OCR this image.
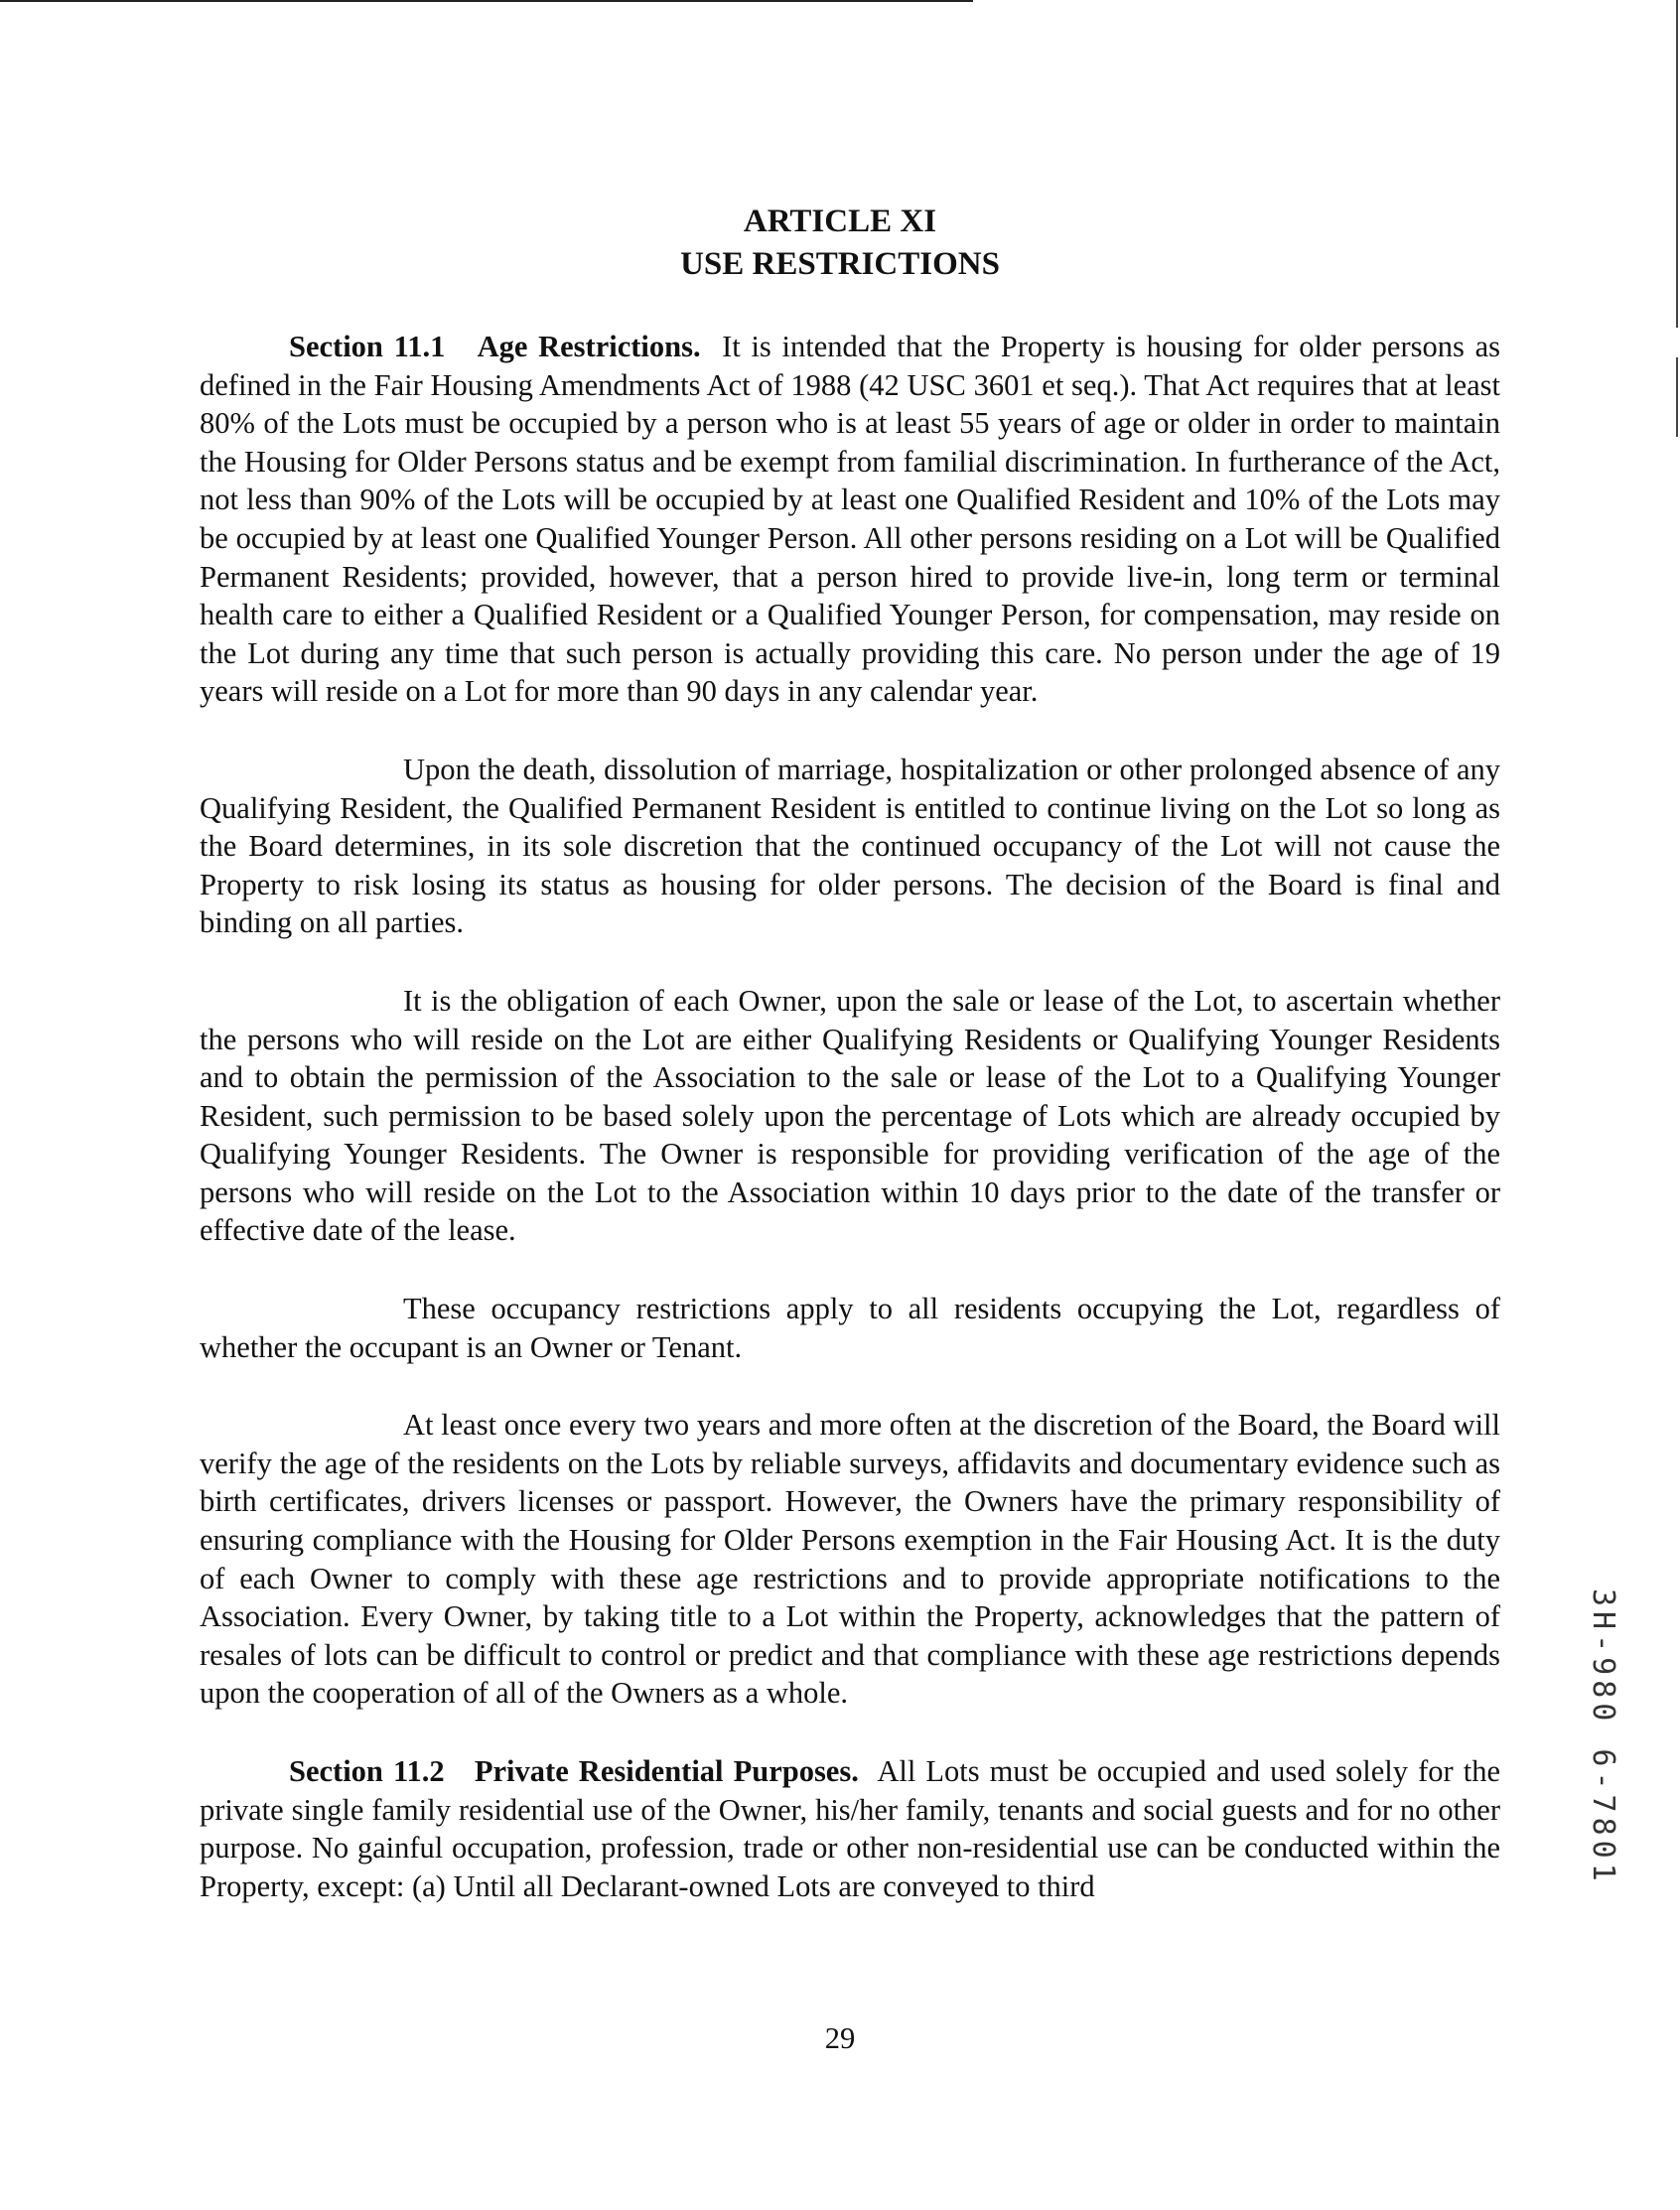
ARTICLE XI
USE RESTRICTIONS

Section 11.1 Age Restrictions. It is intended that the Property is housing for older persons as defined in the Fair Housing Amendments Act of 1988 (42 USC 3601 et seq.). That Act requires that at least 80% of the Lots must be occupied by a person who is at least 55 years of age or older in order to maintain the Housing for Older Persons status and be exempt from familial discrimination. In furtherance of the Act, not less than 90% of the Lots will be occupied by at least one Qualified Resident and 10% of the Lots may be occupied by at least one Qualified Younger Person. All other persons residing on a Lot will be Qualified Permanent Residents; provided, however, that a person hired to provide live-in, long term or terminal health care to either a Qualified Resident or a Qualified Younger Person, for compensation, may reside on the Lot during any time that such person is actually providing this care. No person under the age of 19 years will reside on a Lot for more than 90 days in any calendar year.

Upon the death, dissolution of marriage, hospitalization or other prolonged absence of any Qualifying Resident, the Qualified Permanent Resident is entitled to continue living on the Lot so long as the Board determines, in its sole discretion that the continued occupancy of the Lot will not cause the Property to risk losing its status as housing for older persons. The decision of the Board is final and binding on all parties.

It is the obligation of each Owner, upon the sale or lease of the Lot, to ascertain whether the persons who will reside on the Lot are either Qualifying Residents or Qualifying Younger Residents and to obtain the permission of the Association to the sale or lease of the Lot to a Qualifying Younger Resident, such permission to be based solely upon the percentage of Lots which are already occupied by Qualifying Younger Residents. The Owner is responsible for providing verification of the age of the persons who will reside on the Lot to the Association within 10 days prior to the date of the transfer or effective date of the lease.

These occupancy restrictions apply to all residents occupying the Lot, regardless of whether the occupant is an Owner or Tenant.

At least once every two years and more often at the discretion of the Board, the Board will verify the age of the residents on the Lots by reliable surveys, affidavits and documentary evidence such as birth certificates, drivers licenses or passport. However, the Owners have the primary responsibility of ensuring compliance with the Housing for Older Persons exemption in the Fair Housing Act. It is the duty of each Owner to comply with these age restrictions and to provide appropriate notifications to the Association. Every Owner, by taking title to a Lot within the Property, acknowledges that the pattern of resales of lots can be difficult to control or predict and that compliance with these age restrictions depends upon the cooperation of all of the Owners as a whole.

Section 11.2 Private Residential Purposes. All Lots must be occupied and used solely for the private single family residential use of the Owner, his/her family, tenants and social guests and for no other purpose. No gainful occupation, profession, trade or other non-residential use can be conducted within the Property, except: (a) Until all Declarant-owned Lots are conveyed to third

29
3H-980 6-7801
